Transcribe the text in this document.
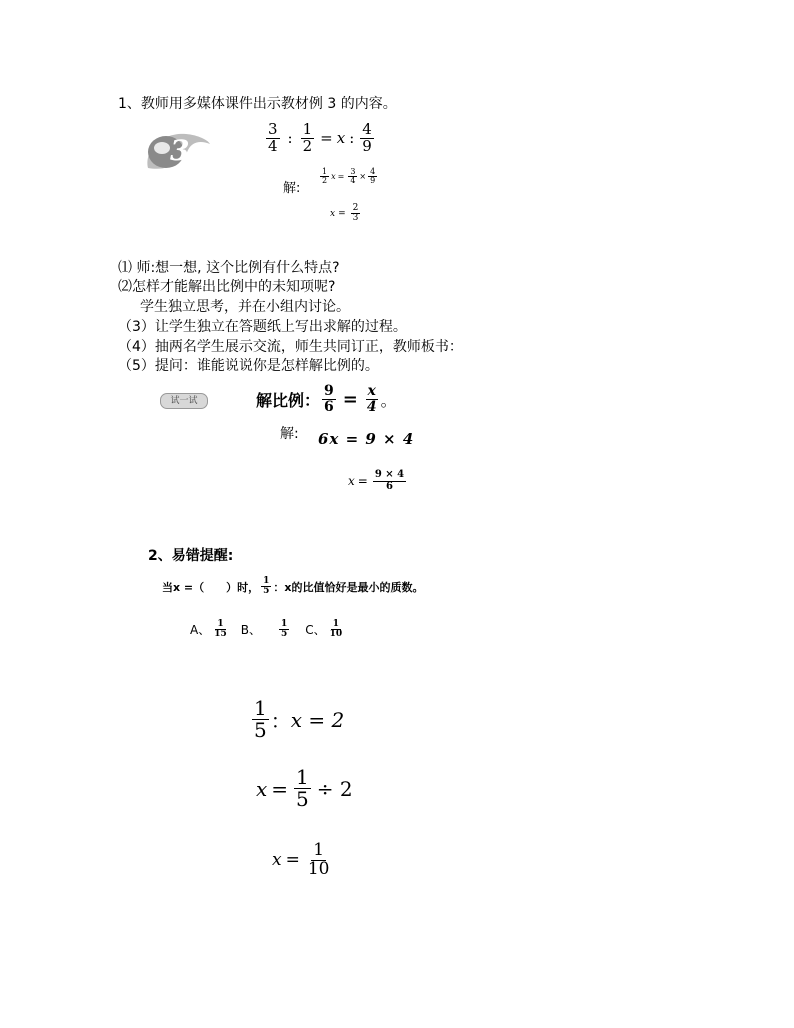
1、教师用多媒体课件出示教材例 3 的内容。
3	$\frac{3}{4}$ : $\frac{1}{2} = x$ : $\frac{4}{9}$
解:
$\frac{1}{2}$ $x = \frac{3}{4} \times \frac{4}{9}$
$x = \frac{2}{3}$
⑴ 师:想一想, 这个比例有什么特点?
⑵怎样才能解出比例中的未知项呢?
学生独立思考，并在小组内讨论。
（3）让学生独立在答题纸上写出求解的过程。
（4）抽两名学生展示交流，师生共同订正，教师板书：
（5）提问：谁能说说你是怎样解比例的。
试一试	解比例： $\frac{9}{6} = \frac{x}{4}$ 。
解: 6x = 9 × 4
$x = \frac{9 \times 4}{6}$
2、易错提醒:
当x =（　　）时， $\frac{1}{5}$ ：x的比值恰好是最小的质数。
A、 $\frac{1}{15}$ B、 $\frac{1}{5}$ C、 $\frac{1}{10}$
$\frac{1}{5}$ ： x = 2
$x = \frac{1}{5} \div 2$
$x = \frac{1}{10}$
